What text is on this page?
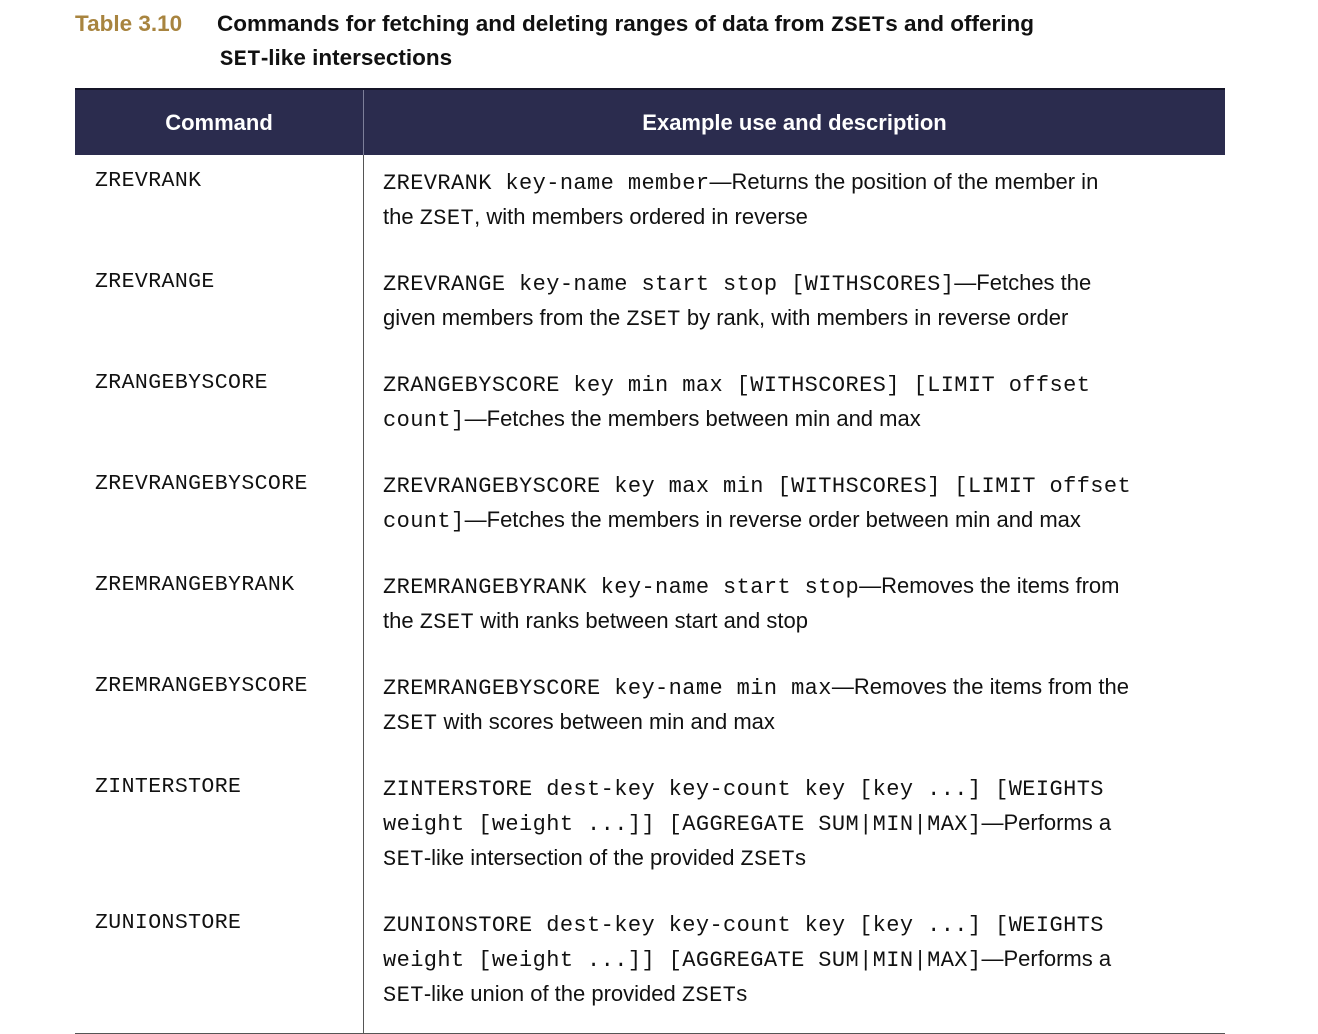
Table 3.10	Commands for fetching and deleting ranges of data from ZSETs and offering
SET-like intersections
Command	Example use and description
ZREVRANK	ZREVRANK key-name member—Returns the position of the member in
the ZSET, with members ordered in reverse

ZREVRANGE	ZREVRANGE key-name start stop [WITHSCORES]—Fetches the
given members from the ZSET by rank, with members in reverse order

ZRANGEBYSCORE	ZRANGEBYSCORE key min max [WITHSCORES] [LIMIT offset
count]—Fetches the members between min and max

ZREVRANGEBYSCORE	ZREVRANGEBYSCORE key max min [WITHSCORES] [LIMIT offset
count]—Fetches the members in reverse order between min and max

ZREMRANGEBYRANK	ZREMRANGEBYRANK key-name start stop—Removes the items from
the ZSET with ranks between start and stop

ZREMRANGEBYSCORE	ZREMRANGEBYSCORE key-name min max—Removes the items from the
ZSET with scores between min and max

ZINTERSTORE	ZINTERSTORE dest-key key-count key [key ...] [WEIGHTS
weight [weight ...]] [AGGREGATE SUM|MIN|MAX]—Performs a
SET-like intersection of the provided ZSETs

ZUNIONSTORE	ZUNIONSTORE dest-key key-count key [key ...] [WEIGHTS
weight [weight ...]] [AGGREGATE SUM|MIN|MAX]—Performs a
SET-like union of the provided ZSETs
